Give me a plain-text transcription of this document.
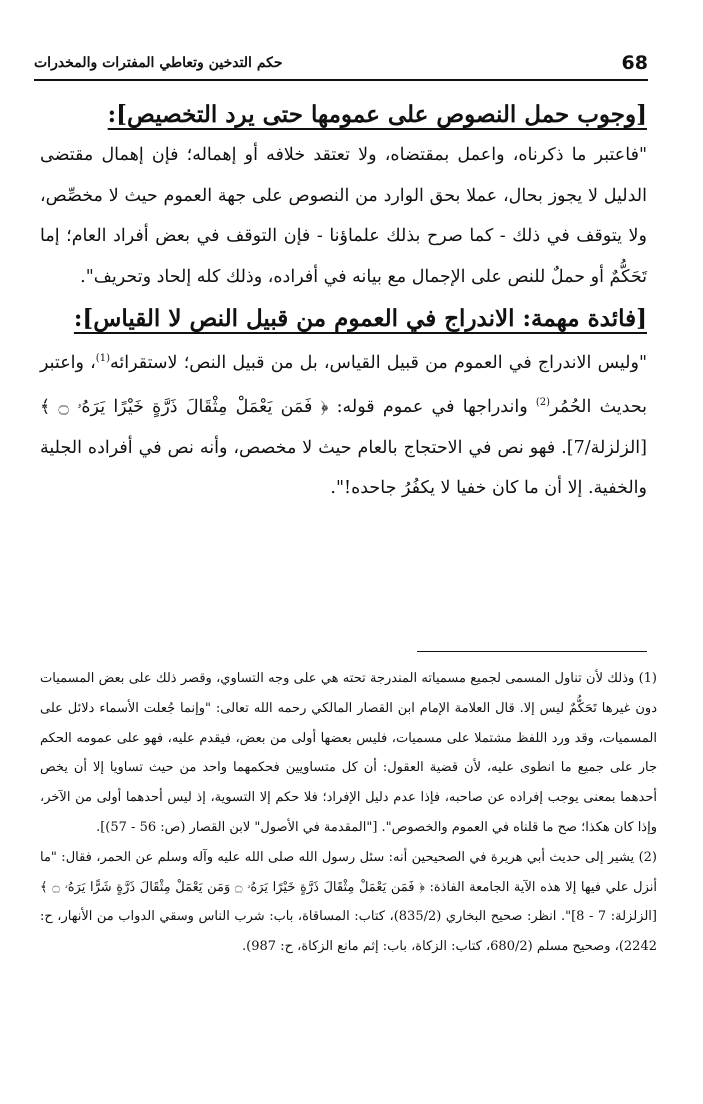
68
حكم التدخين وتعاطي المفترات والمخدرات
[وجوب حمل النصوص على عمومها حتى يرد التخصيص]:

"فاعتبر ما ذكرناه، واعمل بمقتضاه، ولا تعتقد خلافه أو إهماله؛ فإن إهمال مقتضى الدليل لا يجوز بحال، عملا بحق الوارد من النصوص على جهة العموم حيث لا مخصِّص، ولا يتوقف في ذلك - كما صرح بذلك علماؤنا - فإن التوقف في بعض أفراد العام؛ إما تَحَكُّمٌ أو حملٌ للنص على الإجمال مع بيانه في أفراده، وذلك كله إلحاد وتحريف".

[فائدة مهمة: الاندراج في العموم من قبيل النص لا القياس]:

"وليس الاندراج في العموم من قبيل القياس، بل من قبيل النص؛ لاستقرائه$^{(1)}$، واعتبر بحديث الحُمُر$^{(2)}$ واندراجها في عموم قوله: ﴿ فَمَن يَعْمَلْ مِثْقَالَ ذَرَّةٍ خَيْرًا يَرَهُۥ ۝ ﴾ [الزلزلة/7]. فهو نص في الاحتجاج بالعام حيث لا مخصص، وأنه نص في أفراده الجلية والخفية. إلا أن ما كان خفيا لا يكفُرُ جاحده!".

(1) وذلك لأن تناول المسمى لجميع مسمياته المندرجة تحته هي على وجه التساوي، وقصر ذلك على بعض المسميات دون غيرها تَحَكُّمٌ ليس إلا. قال العلامة الإمام ابن القصار المالكي رحمه الله تعالى: "وإنما جُعلت الأسماء دلائل على المسميات، وقد ورد اللفظ مشتملا على مسميات، فليس بعضها أولى من بعض، فيقدم عليه، فهو على عمومه الحكم جار على جميع ما انطوى عليه، لأن قضية العقول: أن كل متساويين فحكمهما واحد من حيث تساويا إلا أن يخص أحدهما بمعنى يوجب إفراده عن صاحبه، فإذا عدم دليل الإفراد؛ فلا حكم إلا التسوية، إذ ليس أحدهما أولى من الآخر، وإذا كان هكذا؛ صح ما قلناه في العموم والخصوص". ["المقدمة في الأصول" لابن القصار (ص: 56 - 57)].

(2) يشير إلى حديث أبي هريرة في الصحيحين أنه: سئل رسول الله صلى الله عليه وآله وسلم عن الحمر، فقال: "ما أنزل علي فيها إلا هذه الآية الجامعة الفاذة: ﴿ فَمَن يَعْمَلْ مِثْقَالَ ذَرَّةٍ خَيْرًا يَرَهُۥ ۝ وَمَن يَعْمَلْ مِثْقَالَ ذَرَّةٍ شَرًّا يَرَهُۥ ۝ ﴾ [الزلزلة: 7 - 8]". انظر: صحيح البخاري (835/2)، كتاب: المساقاة، باب: شرب الناس وسقي الدواب من الأنهار، ح: 2242)، وصحيح مسلم (680/2، كتاب: الزكاة، باب: إثم مانع الزكاة، ح: 987).
